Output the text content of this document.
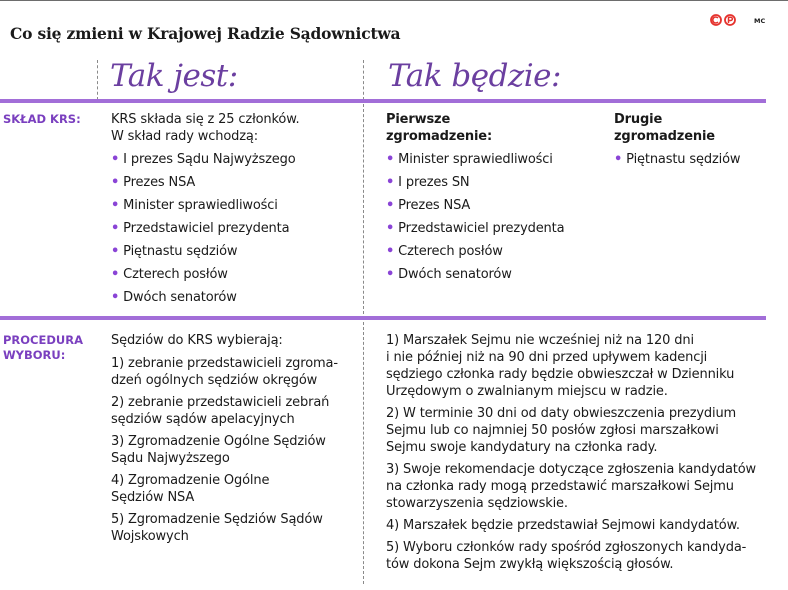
Co się zmieni w Krajowej Radzie Sądownictwa
MC
Tak jest:	Tak będzie:
SKŁAD KRS: KRS składa się z 25 członków.
W skład rady wchodzą:
• I prezes Sądu Najwyższego
• Prezes NSA
• Minister sprawiedliwości
• Przedstawiciel prezydenta
• Piętnastu sędziów
• Czterech posłów
• Dwóch senatorów
Pierwsze
zgromadzenie:
• Minister sprawiedliwości
• I prezes SN
• Prezes NSA
• Przedstawiciel prezydenta
• Czterech posłów
• Dwóch senatorów
Drugie
zgromadzenie
• Piętnastu sędziów
PROCEDURA
WYBORU:
Sędziów do KRS wybierają:
1) zebranie przedstawicieli zgroma-
dzeń ogólnych sędziów okręgów
2) zebranie przedstawicieli zebrań
sędziów sądów apelacyjnych
3) Zgromadzenie Ogólne Sędziów
Sądu Najwyższego
4) Zgromadzenie Ogólne
Sędziów NSA
5) Zgromadzenie Sędziów Sądów
Wojskowych
1) Marszałek Sejmu nie wcześniej niż na 120 dni
i nie później niż na 90 dni przed upływem kadencji
sędziego członka rady będzie obwieszczał w Dzienniku
Urzędowym o zwalnianym miejscu w radzie.
2) W terminie 30 dni od daty obwieszczenia prezydium
Sejmu lub co najmniej 50 posłów zgłosi marszałkowi
Sejmu swoje kandydatury na członka rady.
3) Swoje rekomendacje dotyczące zgłoszenia kandydatów
na członka rady mogą przedstawić marszałkowi Sejmu
stowarzyszenia sędziowskie.
4) Marszałek będzie przedstawiał Sejmowi kandydatów.
5) Wyboru członków rady spośród zgłoszonych kandyda-
tów dokona Sejm zwykłą większością głosów.
